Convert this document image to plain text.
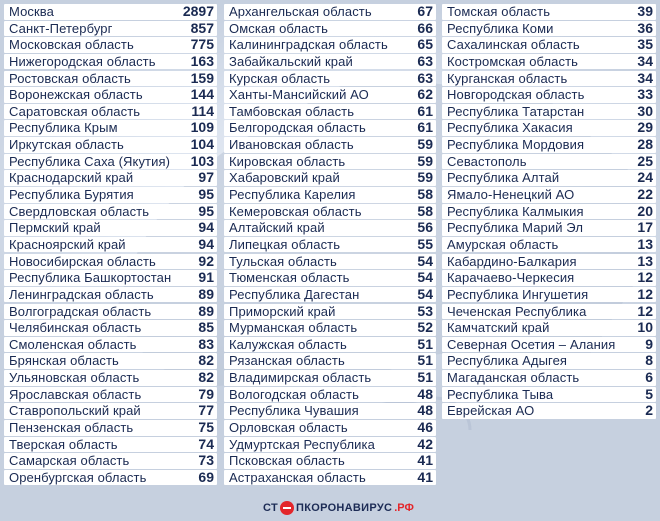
Москва	2897
Санкт-Петербург	857
Московская область	775
Нижегородская область	163
Ростовская область	159
Воронежская область	144
Саратовская область	114
Республика Крым	109
Иркутская область	104
Республика Саха (Якутия) 103
Краснодарский край	97
Республика Бурятия	95
Свердловская область	95
Пермский край	94
Красноярский край	94
Новосибирская область	92
Республика Башкортостан 91
Ленинградская область	89
Волгоградская область	89
Челябинская область	85
Смоленская область	83
Брянская область	82
Ульяновская область	82
Ярославская область	79
Ставропольский край	77
Пензенская область	75
Тверская область	74
Самарская область	73
Оренбургская область	69
Архангельская область	67
Омская область	66
Калининградская область 65
Забайкальский край	63
Курская область	63
Ханты-Мансийский АО	62
Тамбовская область	61
Белгородская область	61
Ивановская область	59
Кировская область	59
Хабаровский край	59
Республика Карелия	58
Кемеровская область	58
Алтайский край	56
Липецкая область	55
Тульская область	54
Тюменская область	54
Республика Дагестан	54
Приморский край	53
Мурманская область	52
Калужская область	51
Рязанская область	51
Владимирская область	51
Вологодская область	48
Республика Чувашия	48
Орловская область	46
Удмуртская Республика	42
Псковская область	41
Астраханская область	41
Томская область	39
Республика Коми	36
Сахалинская область	35
Костромская область	34
Курганская область	34
Новгородская область	33
Республика Татарстан	30
Республика Хакасия	29
Республика Мордовия	28
Севастополь	25
Республика Алтай	24
Ямало-Ненецкий АО	22
Республика Калмыкия	20
Республика Марий Эл	17
Амурская область	13
Кабардино-Балкария	13
Карачаево-Черкесия	12
Республика Ингушетия	12
Чеченская Республика	12
Камчатский край	10
Северная Осетия – Алания 9
Республика Адыгея	8
Магаданская область	6
Республика Тыва	5
Еврейская АО	2
СТ ПКОРОНАВИРУС .РФ
